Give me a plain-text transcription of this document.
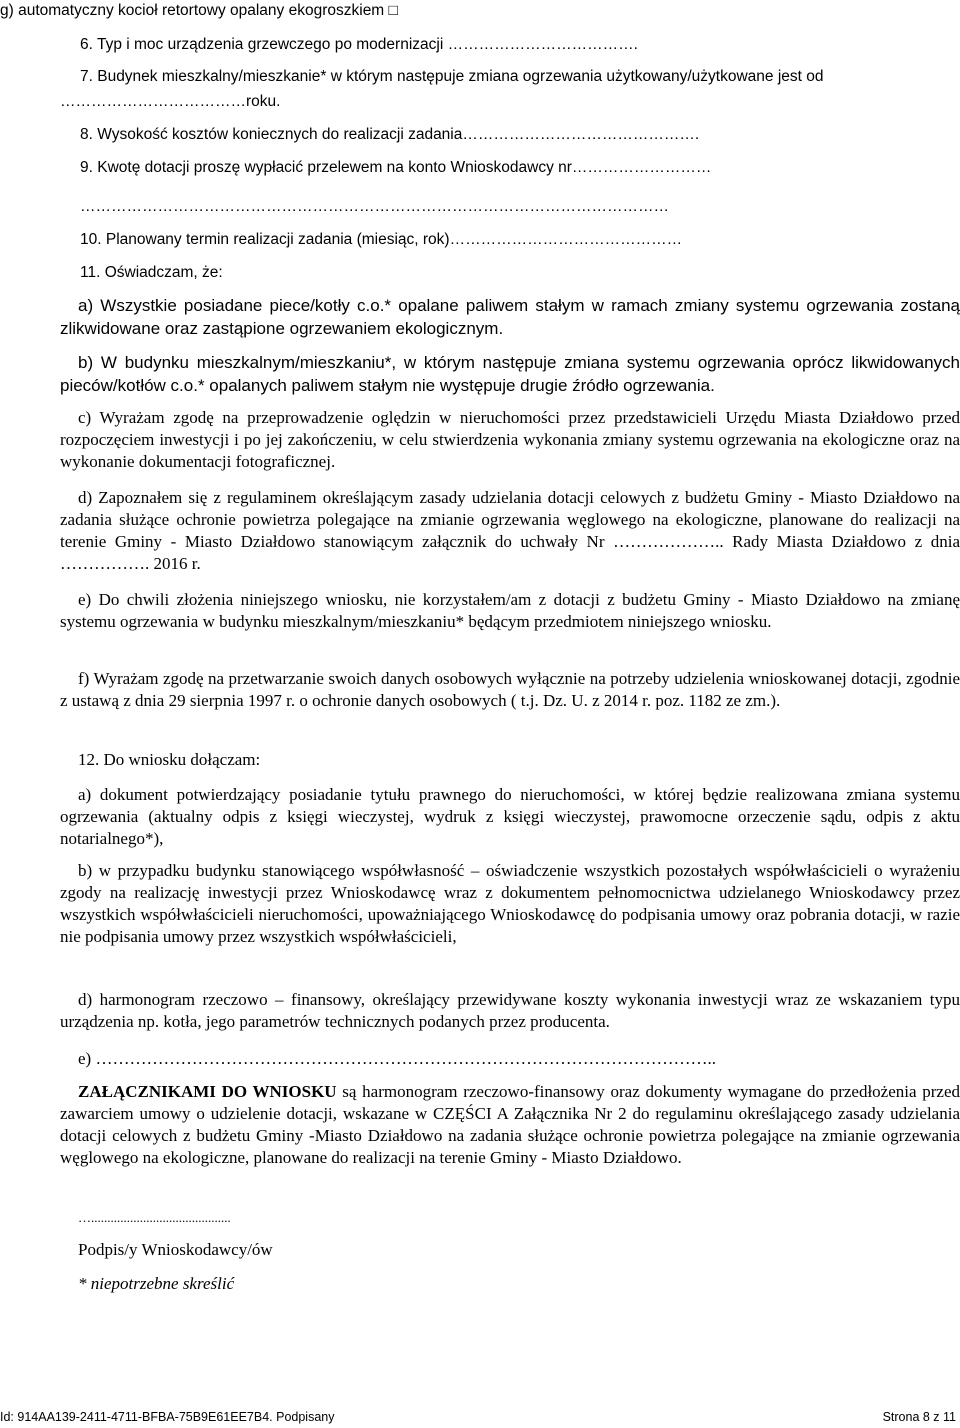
g) automatyczny kocioł retortowy opalany ekogroszkiem □
6. Typ i moc urządzenia grzewczego po modernizacji ……………………………….
7. Budynek mieszkalny/mieszkanie* w którym następuje zmiana ogrzewania użytkowany/użytkowane jest od
………………………………roku.
8. Wysokość kosztów koniecznych do realizacji zadania……………………………………….
9. Kwotę dotacji proszę wypłacić przelewem na konto Wnioskodawcy nr………………………
……………………………………………………………………………………………………
10. Planowany termin realizacji zadania (miesiąc, rok)………………………………………
11. Oświadczam, że:

a) Wszystkie posiadane piece/kotły c.o.* opalane paliwem stałym w ramach zmiany systemu ogrzewania zostaną zlikwidowane oraz zastąpione ogrzewaniem ekologicznym.

b) W budynku mieszkalnym/mieszkaniu*, w którym następuje zmiana systemu ogrzewania oprócz likwidowanych pieców/kotłów c.o.* opalanych paliwem stałym nie występuje drugie źródło ogrzewania.

c) Wyrażam zgodę na przeprowadzenie oględzin w nieruchomości przez przedstawicieli Urzędu Miasta Działdowo przed rozpoczęciem inwestycji i po jej zakończeniu, w celu stwierdzenia wykonania zmiany systemu ogrzewania na ekologiczne oraz na wykonanie dokumentacji fotograficznej.

d) Zapoznałem się z regulaminem określającym zasady udzielania dotacji celowych z budżetu Gminy - Miasto Działdowo na zadania służące ochronie powietrza polegające na zmianie ogrzewania węglowego na ekologiczne, planowane do realizacji na terenie Gminy - Miasto Działdowo stanowiącym załącznik do uchwały Nr ……………….. Rady Miasta Działdowo z dnia ……………. 2016 r.

e) Do chwili złożenia niniejszego wniosku, nie korzystałem/am z dotacji z budżetu Gminy - Miasto Działdowo na zmianę systemu ogrzewania w budynku mieszkalnym/mieszkaniu* będącym przedmiotem niniejszego wniosku.

f) Wyrażam zgodę na przetwarzanie swoich danych osobowych wyłącznie na potrzeby udzielenia wnioskowanej dotacji, zgodnie z ustawą z dnia 29 sierpnia 1997 r. o ochronie danych osobowych ( t.j. Dz. U. z 2014 r. poz. 1182 ze zm.).

12. Do wniosku dołączam:

a) dokument potwierdzający posiadanie tytułu prawnego do nieruchomości, w której będzie realizowana zmiana systemu ogrzewania (aktualny odpis z księgi wieczystej, wydruk z księgi wieczystej, prawomocne orzeczenie sądu, odpis z aktu notarialnego*),

b) w przypadku budynku stanowiącego współwłasność – oświadczenie wszystkich pozostałych współwłaścicieli o wyrażeniu zgody na realizację inwestycji przez Wnioskodawcę wraz z dokumentem pełnomocnictwa udzielanego Wnioskodawcy przez wszystkich współwłaścicieli nieruchomości, upoważniającego Wnioskodawcę do podpisania umowy oraz pobrania dotacji, w razie nie podpisania umowy przez wszystkich współwłaścicieli,

d) harmonogram rzeczowo – finansowy, określający przewidywane koszty wykonania inwestycji wraz ze wskazaniem typu urządzenia np. kotła, jego parametrów technicznych podanych przez producenta.

e) ………………………………………………………………………………………………..

ZAŁĄCZNIKAMI DO WNIOSKU są harmonogram rzeczowo-finansowy oraz dokumenty wymagane do przedłożenia przed zawarciem umowy o udzielenie dotacji, wskazane w CZĘŚCI A Załącznika Nr 2 do regulaminu określającego zasady udzielania dotacji celowych z budżetu Gminy -Miasto Działdowo na zadania służące ochronie powietrza polegające na zmianie ogrzewania węglowego na ekologiczne, planowane do realizacji na terenie Gminy - Miasto Działdowo.

…...........................................
Podpis/y Wnioskodawcy/ów
* niepotrzebne skreślić
Id: 914AA139-2411-4711-BFBA-75B9E61EE7B4. Podpisany	Strona 8 z 11
